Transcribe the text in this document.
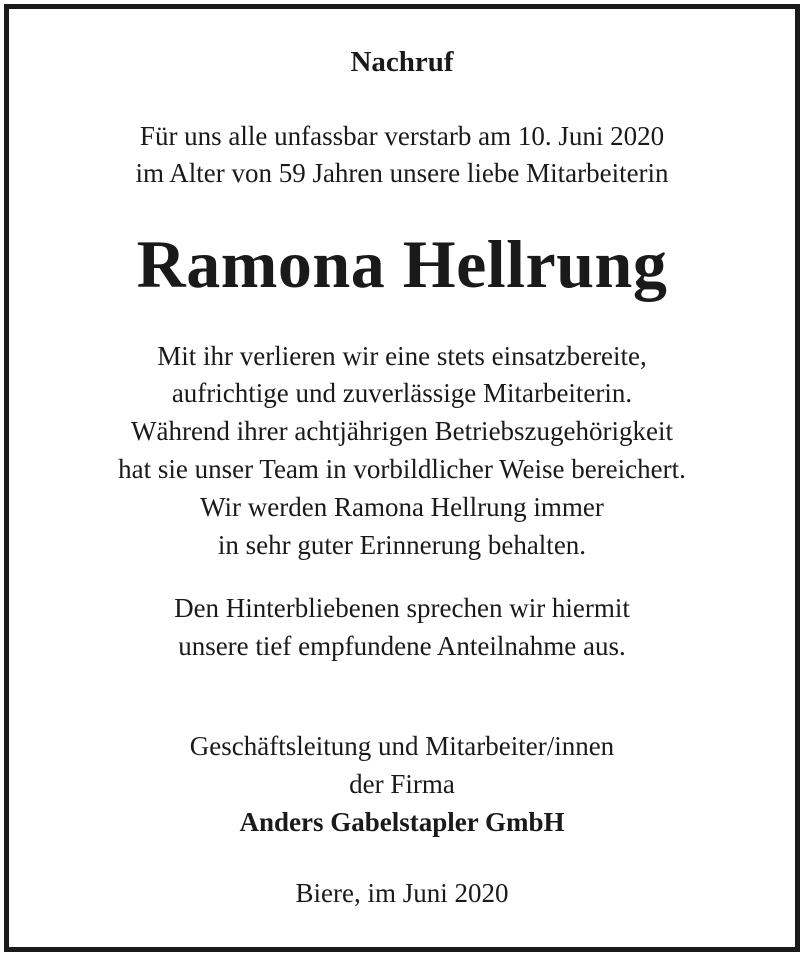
Nachruf
Für uns alle unfassbar verstarb am 10. Juni 2020
im Alter von 59 Jahren unsere liebe Mitarbeiterin
Ramona Hellrung
Mit ihr verlieren wir eine stets einsatzbereite,
aufrichtige und zuverlässige Mitarbeiterin.
Während ihrer achtjährigen Betriebszugehörigkeit
hat sie unser Team in vorbildlicher Weise bereichert.
Wir werden Ramona Hellrung immer
in sehr guter Erinnerung behalten.
Den Hinterbliebenen sprechen wir hiermit
unsere tief empfundene Anteilnahme aus.
Geschäftsleitung und Mitarbeiter/innen
der Firma
Anders Gabelstapler GmbH
Biere, im Juni 2020
